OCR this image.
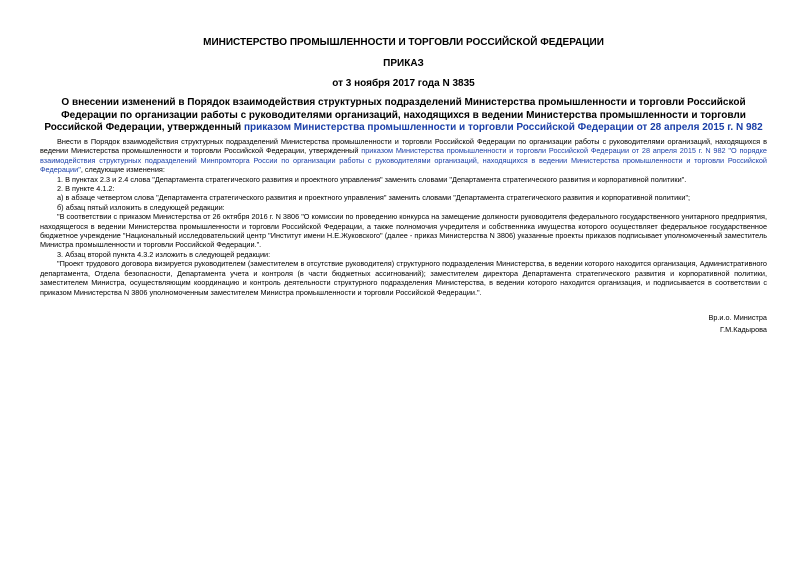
МИНИСТЕРСТВО ПРОМЫШЛЕННОСТИ И ТОРГОВЛИ РОССИЙСКОЙ ФЕДЕРАЦИИ
ПРИКАЗ
от 3 ноября 2017 года N 3835
О внесении изменений в Порядок взаимодействия структурных подразделений Министерства промышленности и торговли Российской Федерации по организации работы с руководителями организаций, находящихся в ведении Министерства промышленности и торговли Российской Федерации, утвержденный приказом Министерства промышленности и торговли Российской Федерации от 28 апреля 2015 г. N 982

Внести в Порядок взаимодействия структурных подразделений Министерства промышленности и торговли Российской Федерации по организации работы с руководителями организаций, находящихся в ведении Министерства промышленности и торговли Российской Федерации, утвержденный приказом Министерства промышленности и торговли Российской Федерации от 28 апреля 2015 г. N 982 "О порядке взаимодействия структурных подразделений Минпромторга России по организации работы с руководителями организаций, находящихся в ведении Министерства промышленности и торговли Российской Федерации", следующие изменения:

1. В пунктах 2.3 и 2.4 слова "Департамента стратегического развития и проектного управления" заменить словами "Департамента стратегического развития и корпоративной политики".

2. В пункте 4.1.2:

а) в абзаце четвертом слова "Департамента стратегического развития и проектного управления" заменить словами "Департамента стратегического развития и корпоративной политики";

б) абзац пятый изложить в следующей редакции:

"В соответствии с приказом Министерства от 26 октября 2016 г. N 3806 "О комиссии по проведению конкурса на замещение должности руководителя федерального государственного унитарного предприятия, находящегося в ведении Министерства промышленности и торговли Российской Федерации, а также полномочия учредителя и собственника имущества которого осуществляет федеральное государственное бюджетное учреждение "Национальный исследовательский центр "Институт имени Н.Е.Жуковского" (далее - приказ Министерства N 3806) указанные проекты приказов подписывает уполномоченный заместитель Министра промышленности и торговли Российской Федерации.".

3. Абзац второй пункта 4.3.2 изложить в следующей редакции:

"Проект трудового договора визируется руководителем (заместителем в отсутствие руководителя) структурного подразделения Министерства, в ведении которого находится организация, Административного департамента, Отдела безопасности, Департамента учета и контроля (в части бюджетных ассигнований); заместителем директора Департамента стратегического развития и корпоративной политики, заместителем Министра, осуществляющим координацию и контроль деятельности структурного подразделения Министерства, в ведении которого находится организация, и подписывается в соответствии с приказом Министерства N 3806 уполномоченным заместителем Министра промышленности и торговли Российской Федерации.".

Вр.и.о. Министра
Г.М.Кадырова
